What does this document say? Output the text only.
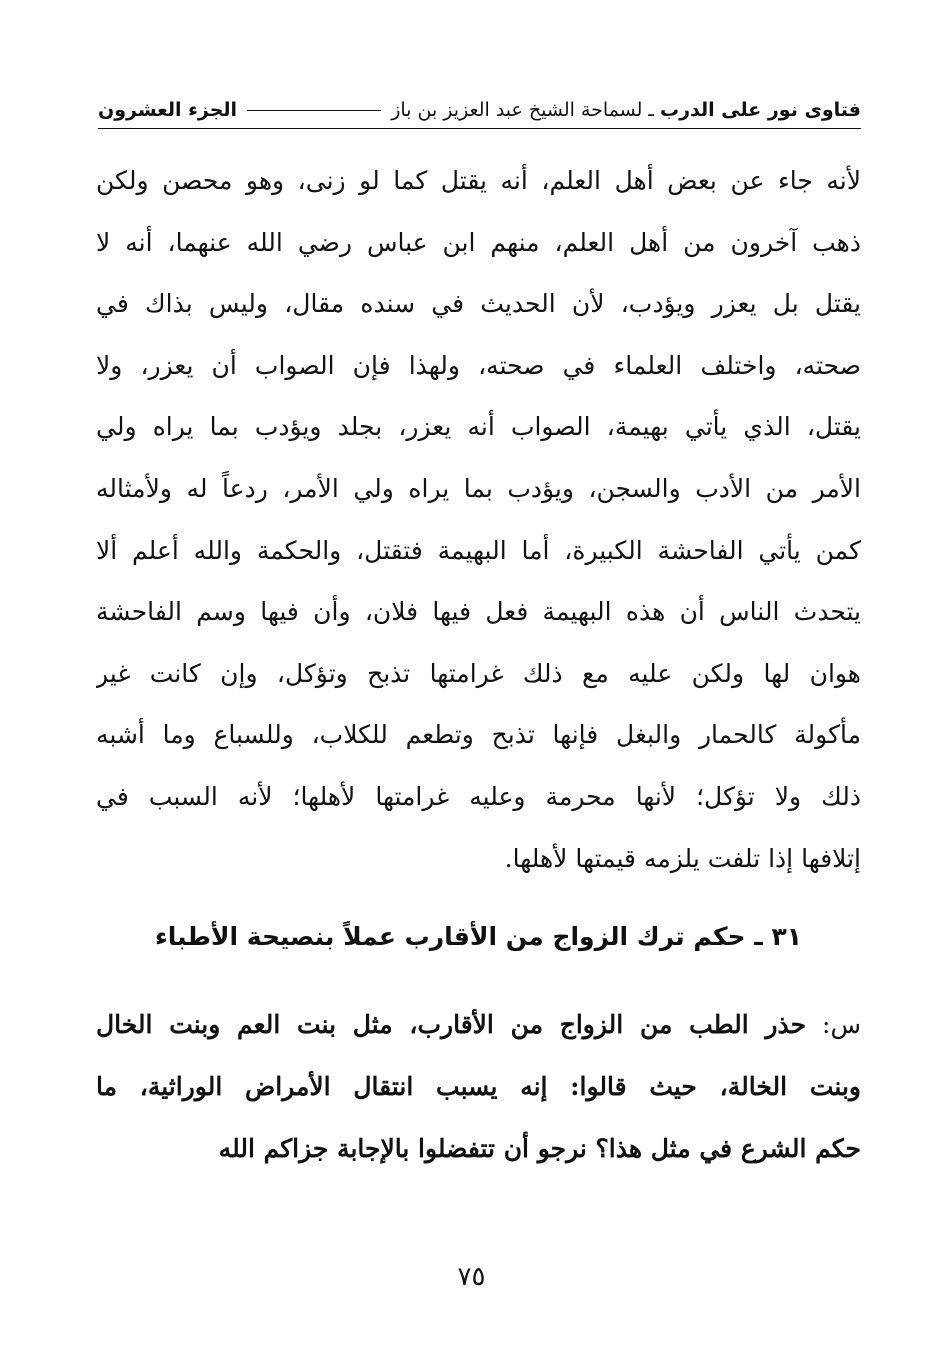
فتاوى نور على الدرب
ـ
لسماحة الشيخ عبد العزيز بن باز
الجزء العشرون
لأنه جاء عن بعض أهل العلم، أنه يقتل كما لو زنى، وهو محصن ولكن
ذهب آخرون من أهل العلم، منهم ابن عباس رضي الله عنهما، أنه لا
يقتل بل يعزر ويؤدب، لأن الحديث في سنده مقال، وليس بذاك في
صحته، واختلف العلماء في صحته، ولهذا فإن الصواب أن يعزر، ولا
يقتل، الذي يأتي بهيمة، الصواب أنه يعزر، بجلد ويؤدب بما يراه ولي
الأمر من الأدب والسجن، ويؤدب بما يراه ولي الأمر، ردعاً له ولأمثاله
كمن يأتي الفاحشة الكبيرة، أما البهيمة فتقتل، والحكمة والله أعلم ألا
يتحدث الناس أن هذه البهيمة فعل فيها فلان، وأن فيها وسم الفاحشة
هوان لها ولكن عليه مع ذلك غرامتها تذبح وتؤكل، وإن كانت غير
مأكولة كالحمار والبغل فإنها تذبح وتطعم للكلاب، وللسباع وما أشبه
ذلك ولا تؤكل؛ لأنها محرمة وعليه غرامتها لأهلها؛ لأنه السبب في
إتلافها إذا تلفت يلزمه قيمتها لأهلها.
٣١ ـ حكم ترك الزواج من الأقارب عملاً بنصيحة الأطباء
س: حذر الطب من الزواج من الأقارب، مثل بنت العم وبنت الخال
وبنت الخالة، حيث قالوا: إنه يسبب انتقال الأمراض الوراثية، ما
حكم الشرع في مثل هذا؟ نرجو أن تتفضلوا بالإجابة جزاكم الله
٧٥
